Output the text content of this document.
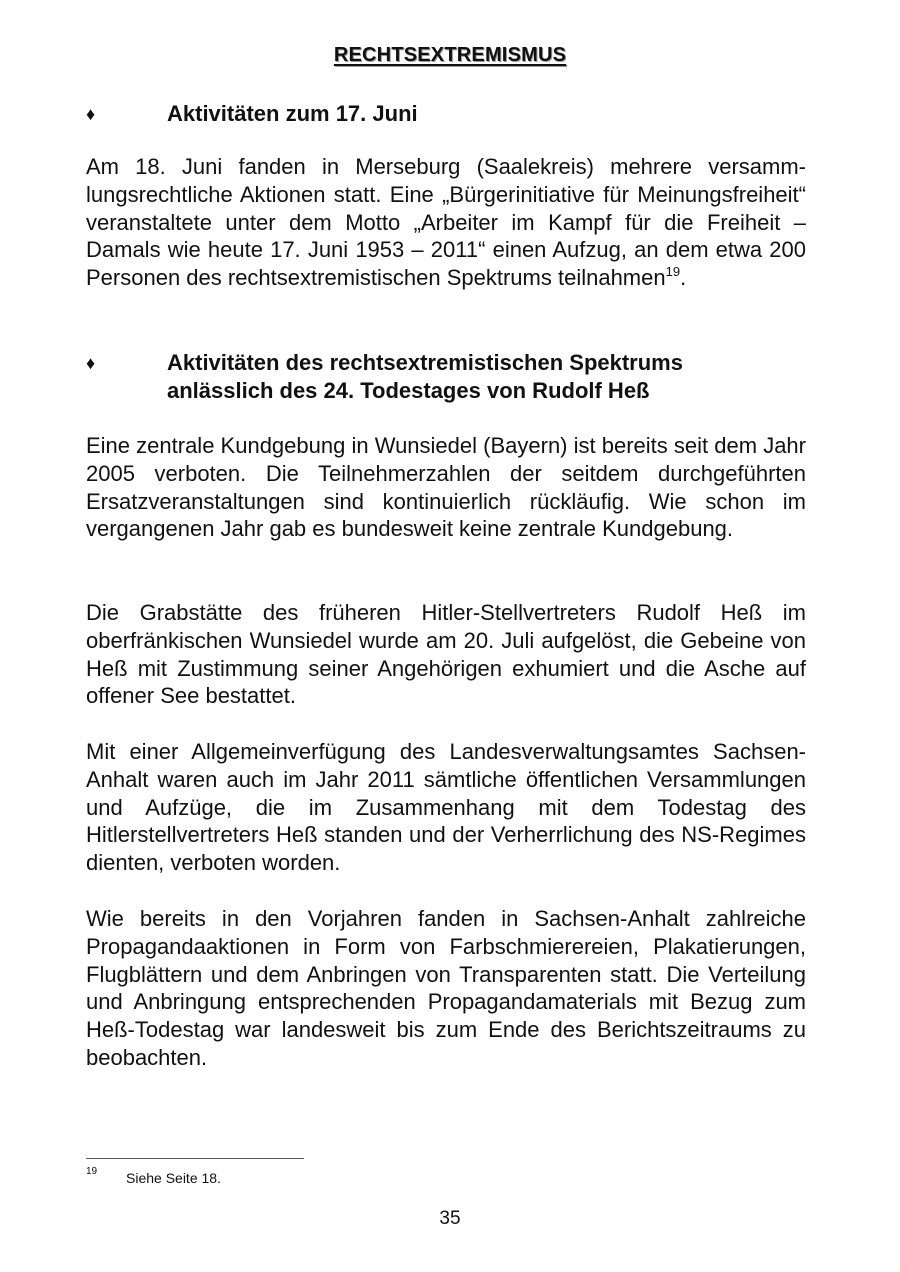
RECHTSEXTREMISMUS
♦	Aktivitäten zum 17. Juni

Am 18. Juni fanden in Merseburg (Saalekreis) mehrere versammlungsrechtliche Aktionen statt. Eine „Bürgerinitiative für Meinungsfreiheit“ veranstaltete unter dem Motto „Arbeiter im Kampf für die Freiheit – Damals wie heute 17. Juni 1953 – 2011“ einen Aufzug, an dem etwa 200 Personen des rechtsextremistischen Spektrums teilnahmen$^{19}$.

♦	Aktivitäten des rechtsextremistischen Spektrums
anlässlich des 24. Todestages von Rudolf Heß

Eine zentrale Kundgebung in Wunsiedel (Bayern) ist bereits seit dem Jahr 2005 verboten. Die Teilnehmerzahlen der seitdem durchgeführten Ersatzveranstaltungen sind kontinuierlich rückläufig. Wie schon im vergangenen Jahr gab es bundesweit keine zentrale Kundgebung.

Die Grabstätte des früheren Hitler-Stellvertreters Rudolf Heß im oberfränkischen Wunsiedel wurde am 20. Juli aufgelöst, die Gebeine von Heß mit Zustimmung seiner Angehörigen exhumiert und die Asche auf offener See bestattet.

Mit einer Allgemeinverfügung des Landesverwaltungsamtes Sachsen-Anhalt waren auch im Jahr 2011 sämtliche öffentlichen Versammlungen und Aufzüge, die im Zusammenhang mit dem Todestag des Hitlerstellvertreters Heß standen und der Verherrlichung des NS-Regimes dienten, verboten worden.

Wie bereits in den Vorjahren fanden in Sachsen-Anhalt zahlreiche Propagandaaktionen in Form von Farbschmierereien, Plakatierungen, Flugblättern und dem Anbringen von Transparenten statt. Die Verteilung und Anbringung entsprechenden Propagandamaterials mit Bezug zum Heß-Todestag war landesweit bis zum Ende des Berichtszeitraums zu beobachten.

19 Siehe Seite 18.
35
